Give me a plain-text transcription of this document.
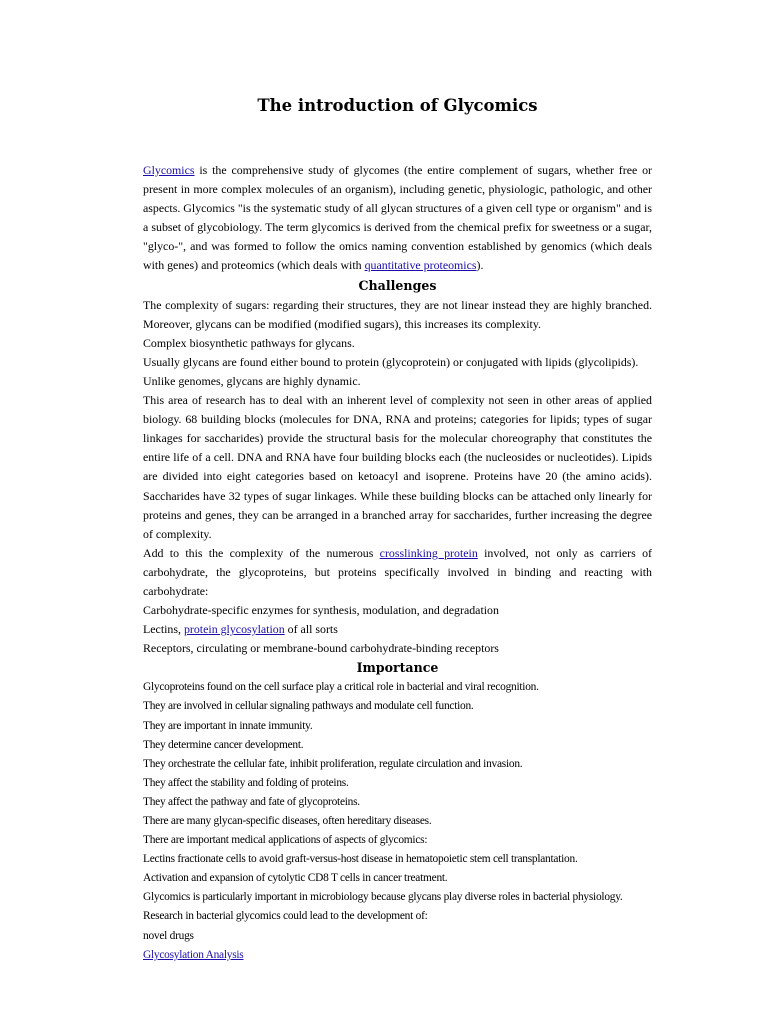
The introduction of Glycomics

Glycomics is the comprehensive study of glycomes (the entire complement of sugars, whether free or present in more complex molecules of an organism), including genetic, physiologic, pathologic, and other aspects. Glycomics "is the systematic study of all glycan structures of a given cell type or organism" and is a subset of glycobiology. The term glycomics is derived from the chemical prefix for sweetness or a sugar, "glyco-", and was formed to follow the omics naming convention established by genomics (which deals with genes) and proteomics (which deals with quantitative proteomics).

Challenges

The complexity of sugars: regarding their structures, they are not linear instead they are highly branched. Moreover, glycans can be modified (modified sugars), this increases its complexity.

Complex biosynthetic pathways for glycans.

Usually glycans are found either bound to protein (glycoprotein) or conjugated with lipids (glycolipids).

Unlike genomes, glycans are highly dynamic.

This area of research has to deal with an inherent level of complexity not seen in other areas of applied biology. 68 building blocks (molecules for DNA, RNA and proteins; categories for lipids; types of sugar linkages for saccharides) provide the structural basis for the molecular choreography that constitutes the entire life of a cell. DNA and RNA have four building blocks each (the nucleosides or nucleotides). Lipids are divided into eight categories based on ketoacyl and isoprene. Proteins have 20 (the amino acids). Saccharides have 32 types of sugar linkages. While these building blocks can be attached only linearly for proteins and genes, they can be arranged in a branched array for saccharides, further increasing the degree of complexity.

Add to this the complexity of the numerous crosslinking protein involved, not only as carriers of carbohydrate, the glycoproteins, but proteins specifically involved in binding and reacting with carbohydrate:

Carbohydrate-specific enzymes for synthesis, modulation, and degradation

Lectins, protein glycosylation of all sorts

Receptors, circulating or membrane-bound carbohydrate-binding receptors

Importance

Glycoproteins found on the cell surface play a critical role in bacterial and viral recognition.

They are involved in cellular signaling pathways and modulate cell function.

They are important in innate immunity.

They determine cancer development.

They orchestrate the cellular fate, inhibit proliferation, regulate circulation and invasion.

They affect the stability and folding of proteins.

They affect the pathway and fate of glycoproteins.

There are many glycan-specific diseases, often hereditary diseases.

There are important medical applications of aspects of glycomics:

Lectins fractionate cells to avoid graft-versus-host disease in hematopoietic stem cell transplantation.

Activation and expansion of cytolytic CD8 T cells in cancer treatment.

Glycomics is particularly important in microbiology because glycans play diverse roles in bacterial physiology.

Research in bacterial glycomics could lead to the development of:

novel drugs

Glycosylation Analysis
